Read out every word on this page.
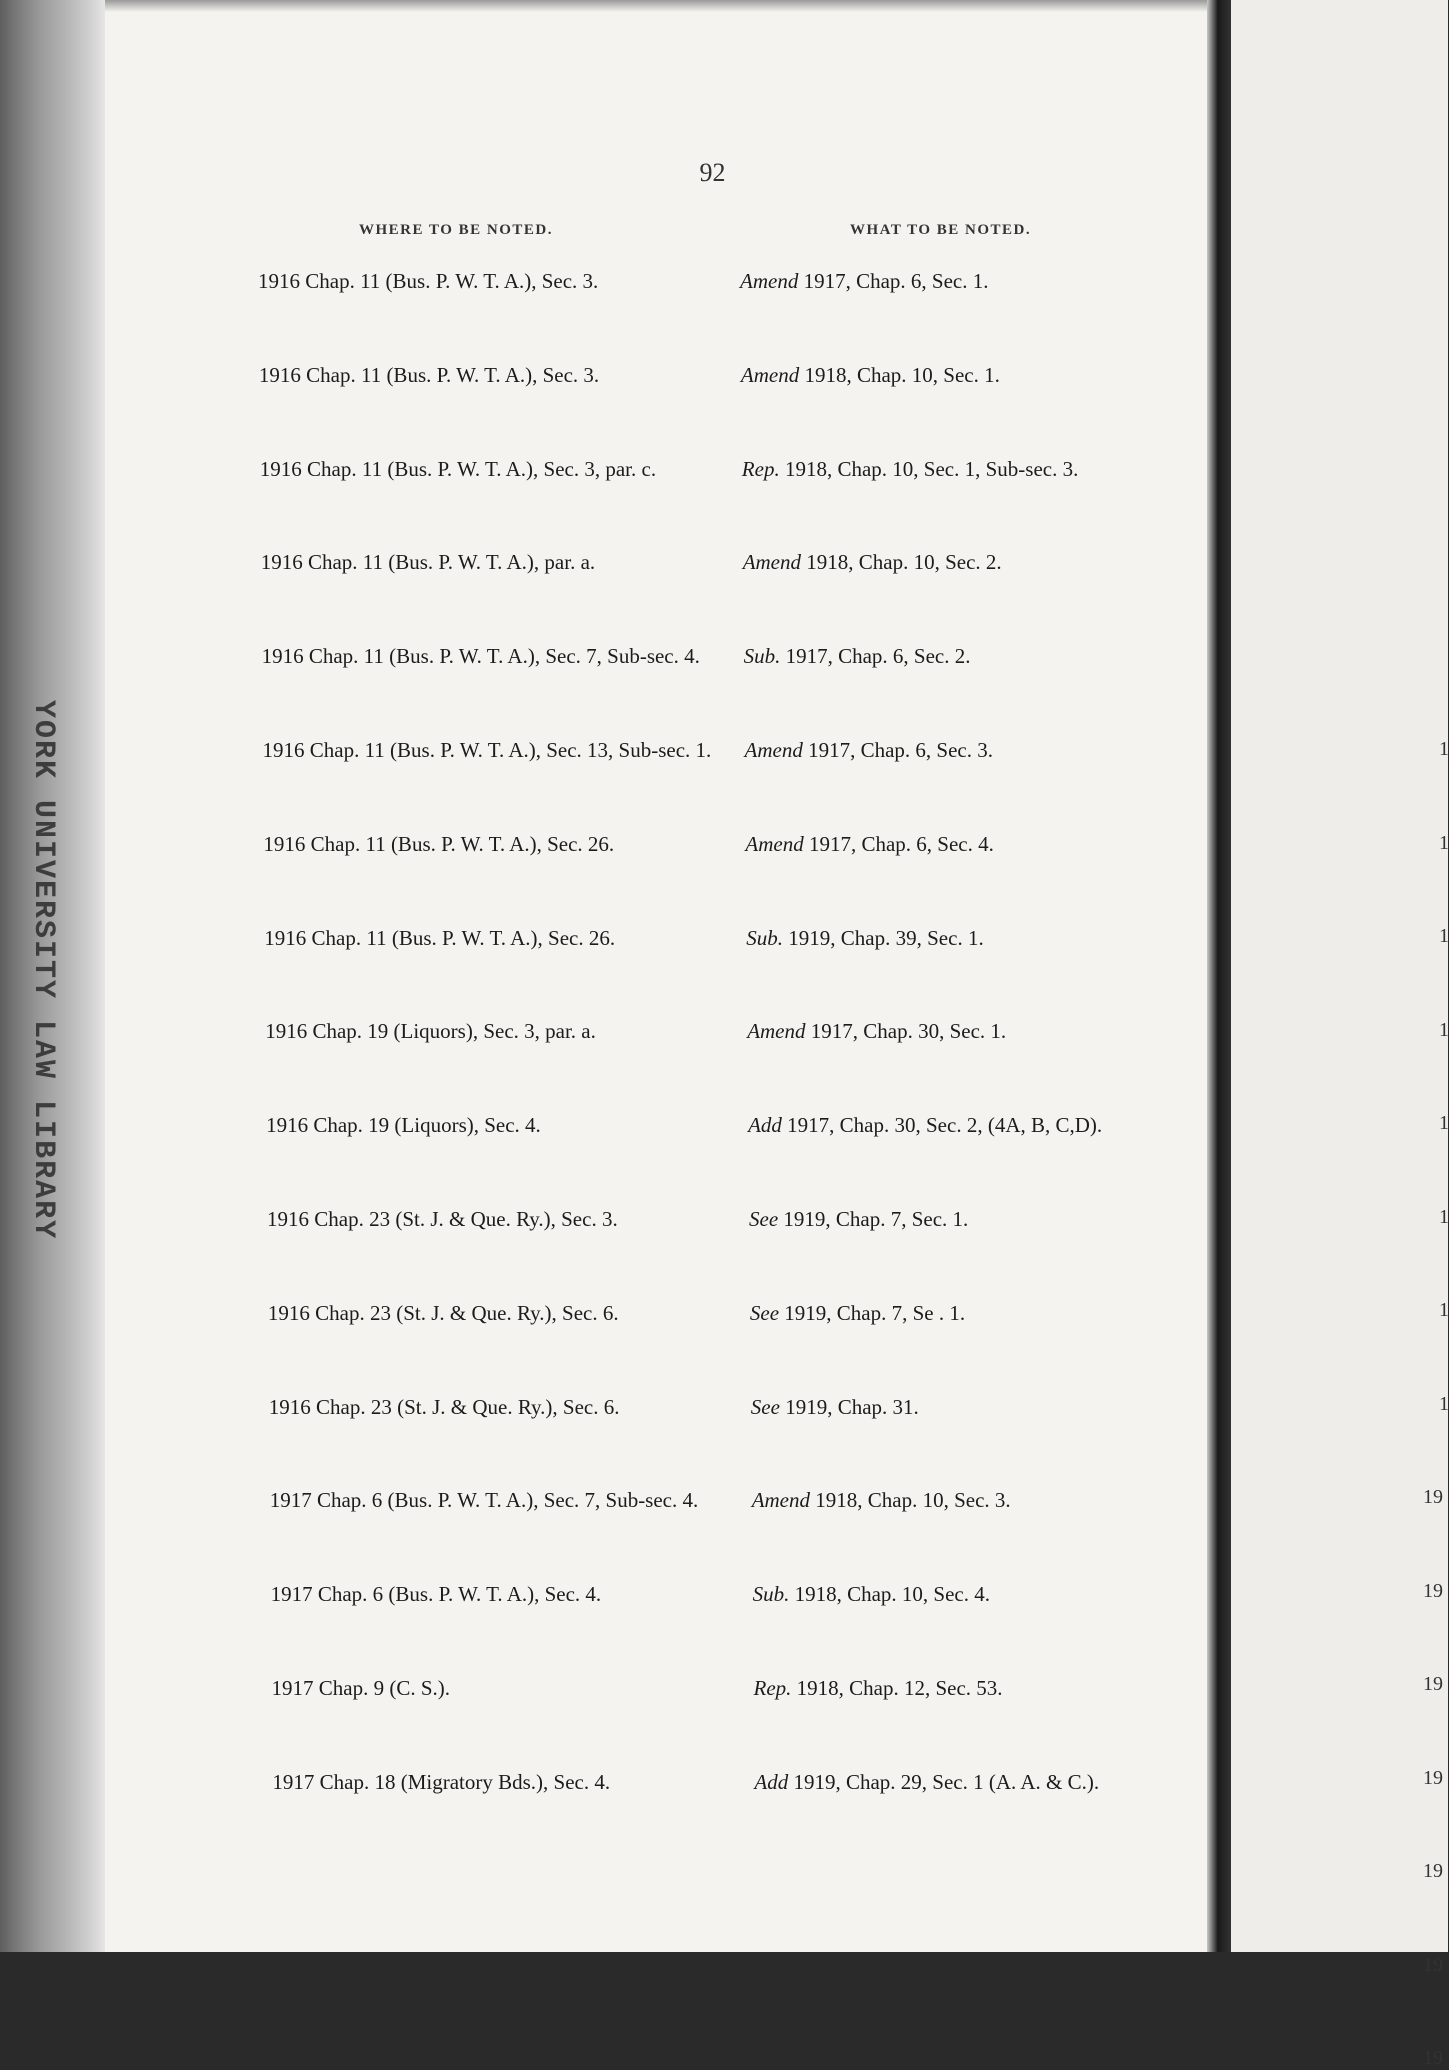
YORK UNIVERSITY LAW LIBRARY
92
WHERE TO BE NOTED.	WHAT TO BE NOTED.
1916 Chap. 11 (Bus. P. W. T. A.), Sec. 3.	Amend 1917, Chap. 6, Sec. 1.
1916 Chap. 11 (Bus. P. W. T. A.), Sec. 3.	Amend 1918, Chap. 10, Sec. 1.
1916 Chap. 11 (Bus. P. W. T. A.), Sec. 3, par. c.	Rep. 1918, Chap. 10, Sec. 1, Sub-sec. 3.
1916 Chap. 11 (Bus. P. W. T. A.), par. a.	Amend 1918, Chap. 10, Sec. 2.
1916 Chap. 11 (Bus. P. W. T. A.), Sec. 7, Sub-sec. 4.	Sub. 1917, Chap. 6, Sec. 2.
1916 Chap. 11 (Bus. P. W. T. A.), Sec. 13, Sub-sec. 1.	Amend 1917, Chap. 6, Sec. 3.
1916 Chap. 11 (Bus. P. W. T. A.), Sec. 26.	Amend 1917, Chap. 6, Sec. 4.
1916 Chap. 11 (Bus. P. W. T. A.), Sec. 26.	Sub. 1919, Chap. 39, Sec. 1.
1916 Chap. 19 (Liquors), Sec. 3, par. a.	Amend 1917, Chap. 30, Sec. 1.
1916 Chap. 19 (Liquors), Sec. 4.	Add 1917, Chap. 30, Sec. 2, (4A, B, C,D).
1916 Chap. 23 (St. J. & Que. Ry.), Sec. 3.	See 1919, Chap. 7, Sec. 1.
1916 Chap. 23 (St. J. & Que. Ry.), Sec. 6.	See 1919, Chap. 7, Se . 1.
1916 Chap. 23 (St. J. & Que. Ry.), Sec. 6.	See 1919, Chap. 31.
1917 Chap. 6 (Bus. P. W. T. A.), Sec. 7, Sub-sec. 4.	Amend 1918, Chap. 10, Sec. 3.
1917 Chap. 6 (Bus. P. W. T. A.), Sec. 4.	Sub. 1918, Chap. 10, Sec. 4.
1917 Chap. 9 (C. S.).	Rep. 1918, Chap. 12, Sec. 53.
1917 Chap. 18 (Migratory Bds.), Sec. 4.	Add 1919, Chap. 29, Sec. 1 (A. A. & C.).
1
1
1
1
1
1
1
1
19
19
19
19
19
19
19
